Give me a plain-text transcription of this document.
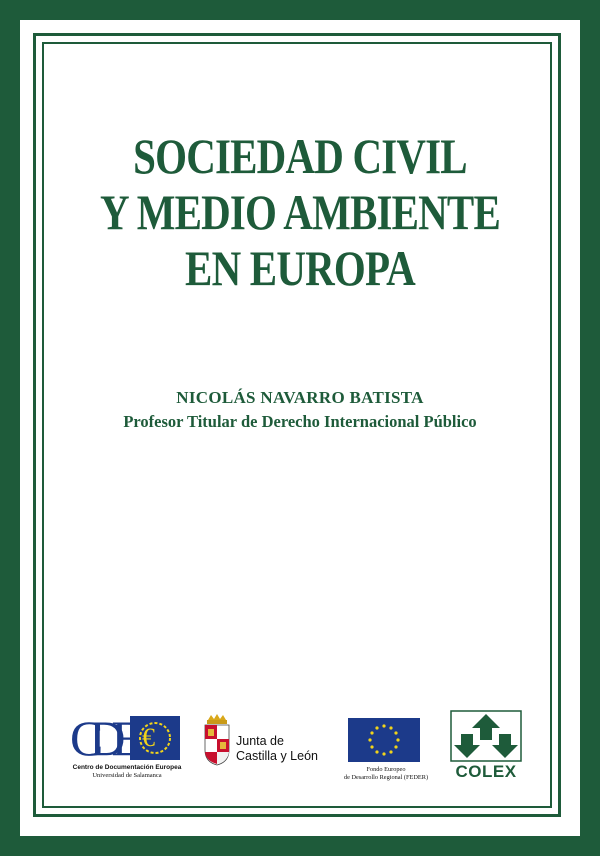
SOCIEDAD CIVIL
Y MEDIO AMBIENTE
EN EUROPA
NICOLÁS NAVARRO BATISTA
Profesor Titular de Derecho Internacional Público
CDE €
Centro de Documentación Europea
Universidad de Salamanca
Junta de
Castilla y León
Fondo Europeo
de Desarrollo Regional (FEDER)	COLEX
